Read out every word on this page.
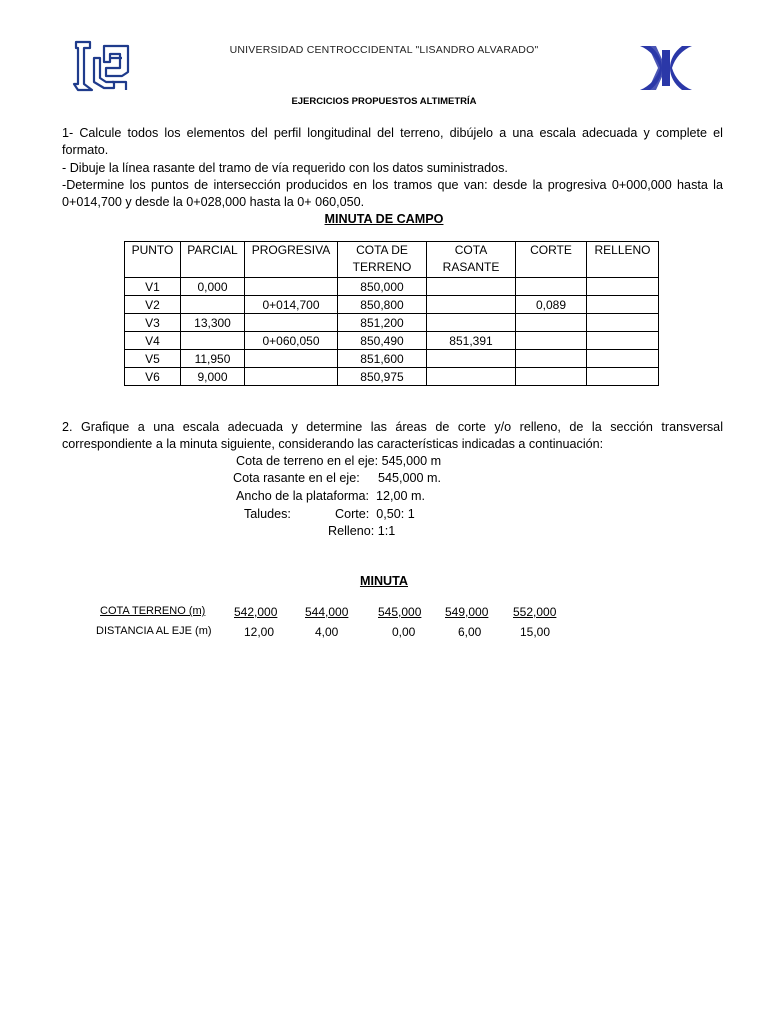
UNIVERSIDAD CENTROCCIDENTAL "LISANDRO ALVARADO"
EJERCICIOS PROPUESTOS ALTIMETRÍA
1- Calcule todos los elementos del perfil longitudinal del terreno, dibújelo a una escala adecuada y complete el formato.
- Dibuje la línea rasante del tramo de vía requerido con los datos suministrados.
-Determine los puntos de intersección producidos en los tramos que van: desde la progresiva 0+000,000 hasta la 0+014,700 y desde la 0+028,000 hasta la 0+ 060,050.
MINUTA DE CAMPO
PUNTO	PARCIAL	PROGRESIVA	COTA DE TERRENO	COTA RASANTE	CORTE	RELLENO
V1	0,000		850,000			
V2		0+014,700	850,800		0,089	
V3	13,300		851,200			
V4		0+060,050	850,490	851,391		
V5	11,950		851,600			
V6	9,000		850,975			
2. Grafique a una escala adecuada y determine las áreas de corte y/o relleno, de la sección transversal correspondiente a la minuta siguiente, considerando las características indicadas a continuación:
Cota de terreno en el eje: 545,000 m
Cota rasante en el eje: 545,000 m.
Ancho de la plataforma:  12,00 m.
Taludes:	Corte:  0,50: 1
Relleno: 1:1
MINUTA
COTA TERRENO (m) 542,000 544,000 545,000 549,000 552,000
DISTANCIA AL EJE (m)	12,00	4,00	0,00	6,00	15,00
